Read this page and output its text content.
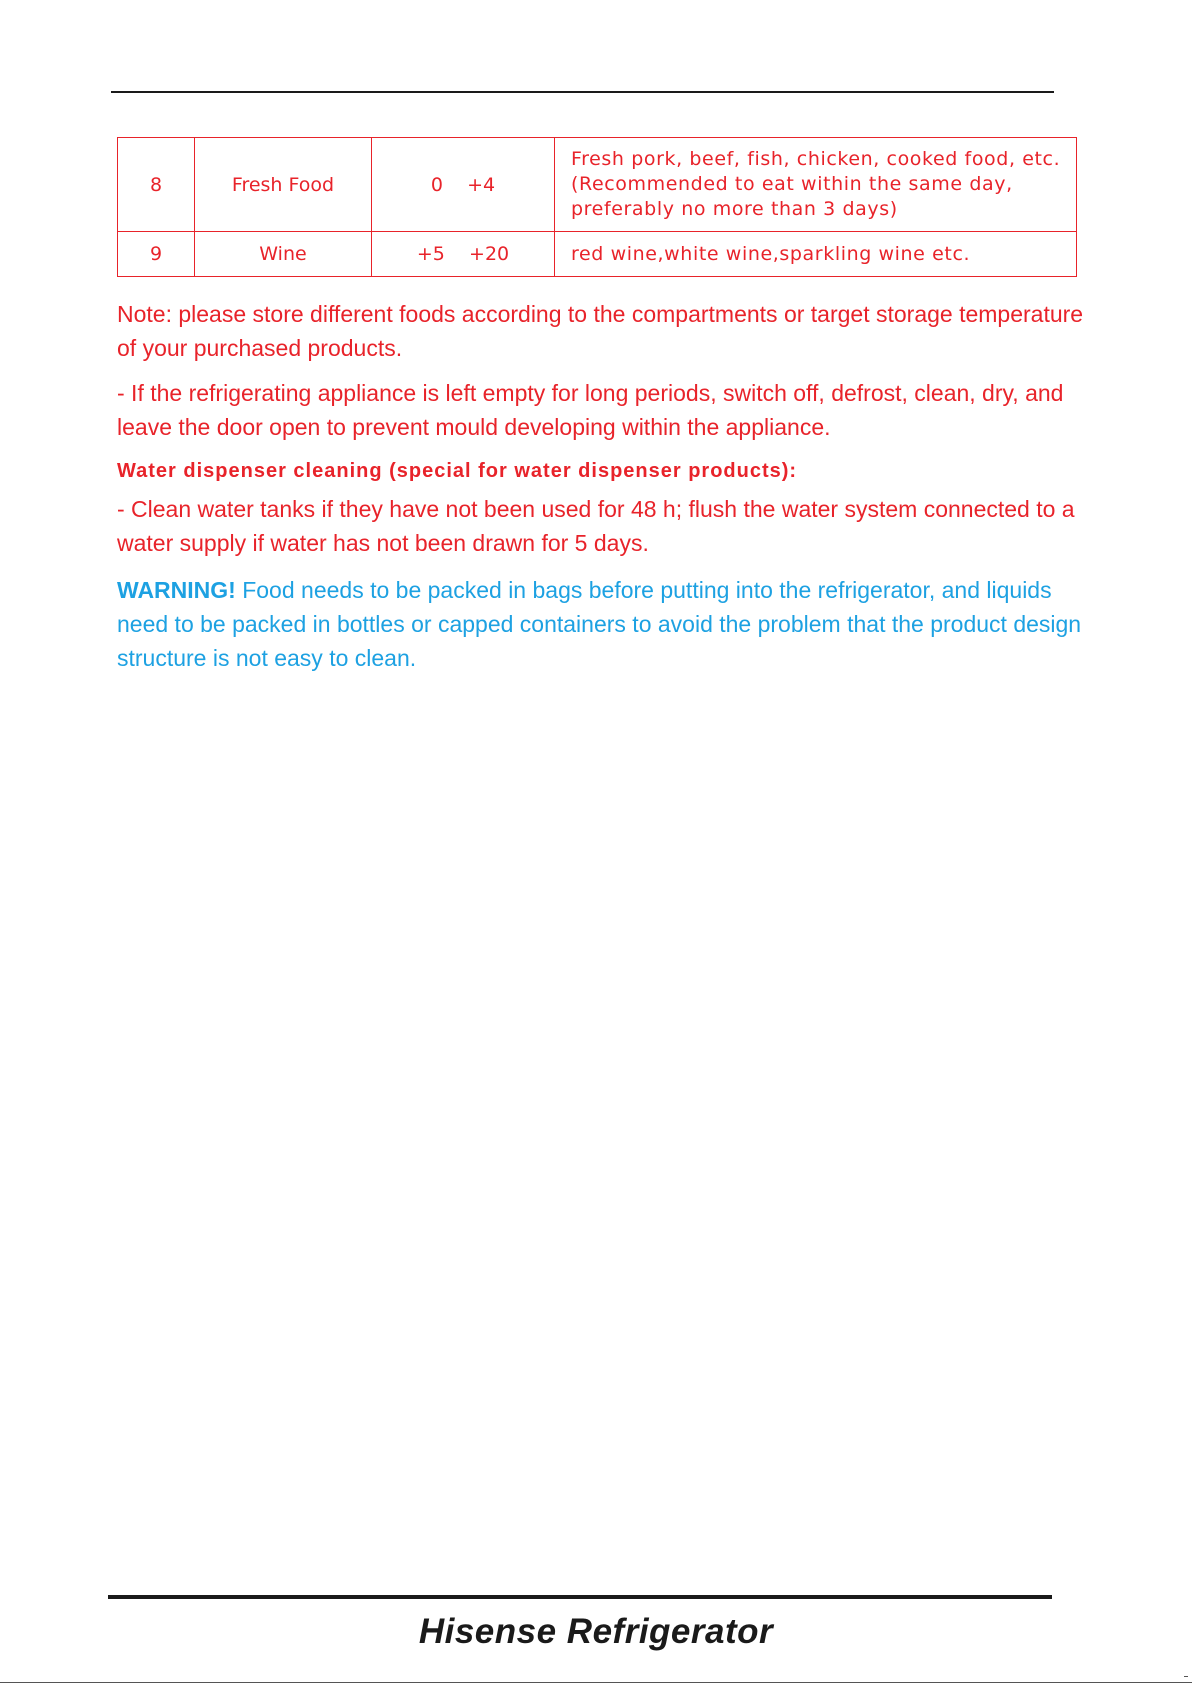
8	Fresh Food	0    +4	Fresh pork, beef, fish, chicken, cooked food, etc.
(Recommended to eat within the same day,
preferably no more than 3 days)

9	Wine	+5    +20	red wine,white wine,sparkling wine etc.

Note: please store different foods according to the compartments or target storage temperature of your purchased products.

- If the refrigerating appliance is left empty for long periods, switch off, defrost, clean, dry, and leave the door open to prevent mould developing within the appliance.

Water dispenser cleaning (special for water dispenser products):

- Clean water tanks if they have not been used for 48 h; flush the water system connected to a water supply if water has not been drawn for 5 days.

WARNING! Food needs to be packed in bags before putting into the refrigerator, and liquids need to be packed in bottles or capped containers to avoid the problem that the product design structure is not easy to clean.

Hisense Refrigerator
